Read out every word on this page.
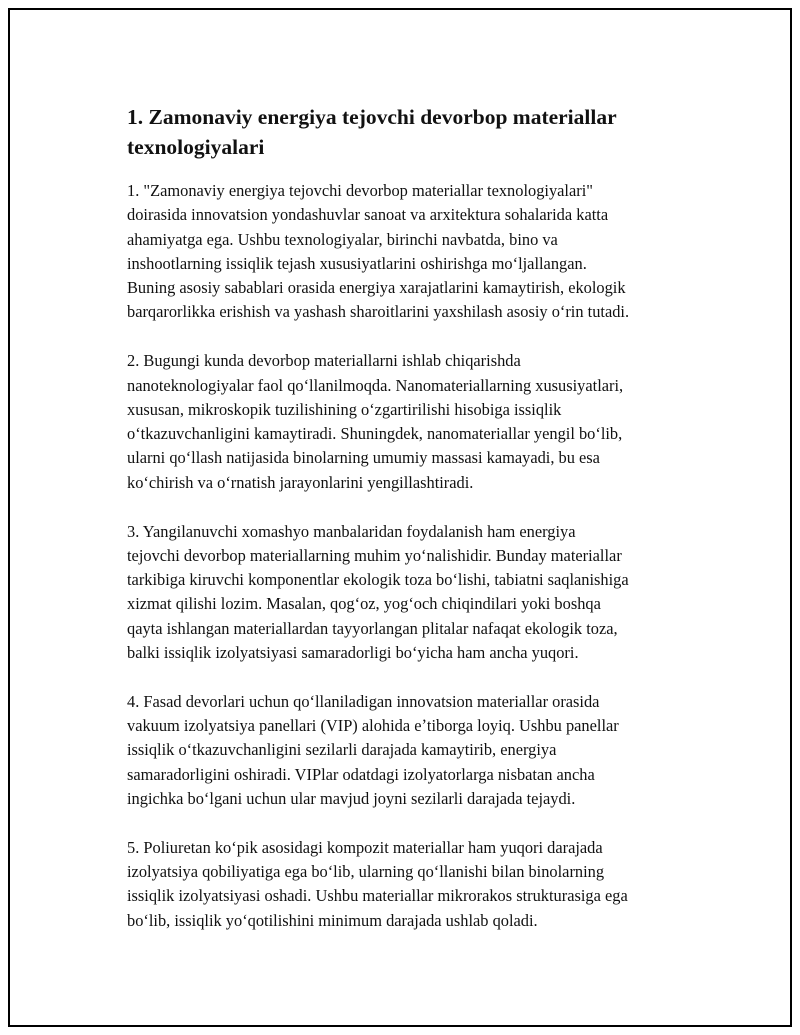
1. Zamonaviy energiya tejovchi devorbop materiallar
texnologiyalari

1. "Zamonaviy energiya tejovchi devorbop materiallar texnologiyalari"
doirasida innovatsion yondashuvlar sanoat va arxitektura sohalarida katta
ahamiyatga ega. Ushbu texnologiyalar, birinchi navbatda, bino va
inshootlarning issiqlik tejash xususiyatlarini oshirishga moʻljallangan.
Buning asosiy sabablari orasida energiya xarajatlarini kamaytirish, ekologik
barqarorlikka erishish va yashash sharoitlarini yaxshilash asosiy oʻrin tutadi.

2. Bugungi kunda devorbop materiallarni ishlab chiqarishda
nanoteknologiyalar faol qoʻllanilmoqda. Nanomateriallarning xususiyatlari,
xususan, mikroskopik tuzilishining oʻzgartirilishi hisobiga issiqlik
oʻtkazuvchanligini kamaytiradi. Shuningdek, nanomateriallar yengil boʻlib,
ularni qoʻllash natijasida binolarning umumiy massasi kamayadi, bu esa
koʻchirish va oʻrnatish jarayonlarini yengillashtiradi.

3. Yangilanuvchi xomashyo manbalaridan foydalanish ham energiya
tejovchi devorbop materiallarning muhim yoʻnalishidir. Bunday materiallar
tarkibiga kiruvchi komponentlar ekologik toza boʻlishi, tabiatni saqlanishiga
xizmat qilishi lozim. Masalan, qogʻoz, yogʻoch chiqindilari yoki boshqa
qayta ishlangan materiallardan tayyorlangan plitalar nafaqat ekologik toza,
balki issiqlik izolyatsiyasi samaradorligi boʻyicha ham ancha yuqori.

4. Fasad devorlari uchun qoʻllaniladigan innovatsion materiallar orasida
vakuum izolyatsiya panellari (VIP) alohida eʼtiborga loyiq. Ushbu panellar
issiqlik oʻtkazuvchanligini sezilarli darajada kamaytirib, energiya
samaradorligini oshiradi. VIPlar odatdagi izolyatorlarga nisbatan ancha
ingichka boʻlgani uchun ular mavjud joyni sezilarli darajada tejaydi.

5. Poliuretan koʻpik asosidagi kompozit materiallar ham yuqori darajada
izolyatsiya qobiliyatiga ega boʻlib, ularning qoʻllanishi bilan binolarning
issiqlik izolyatsiyasi oshadi. Ushbu materiallar mikrorakos strukturasiga ega
boʻlib, issiqlik yoʻqotilishini minimum darajada ushlab qoladi.
